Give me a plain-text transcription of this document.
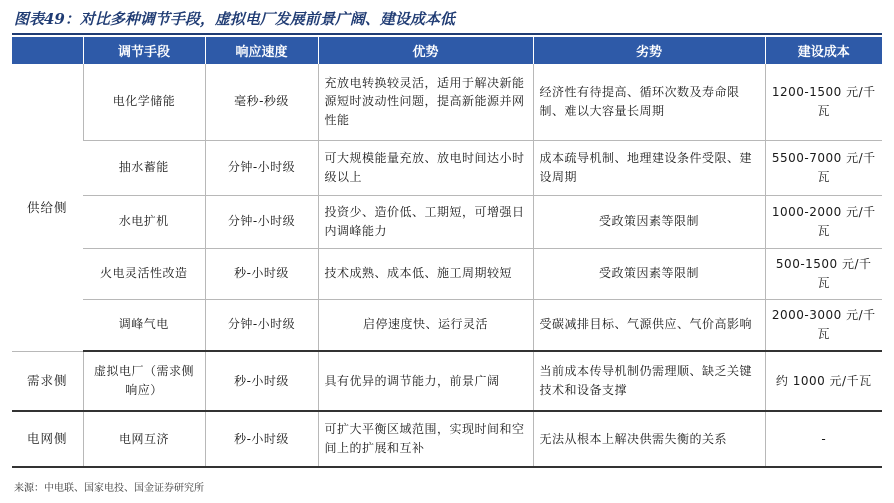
图表49：对比多种调节手段，虚拟电厂发展前景广阔、建设成本低
	调节手段	响应速度	优势	劣势	建设成本
供给侧	电化学储能	毫秒-秒级	充放电转换较灵活，适用于解决新能源短时波动性问题，提高新能源并网性能	经济性有待提高、循环次数及寿命限制、难以大容量长周期	1200-1500 元/千瓦
	抽水蓄能	分钟-小时级	可大规模能量充放、放电时间达小时级以上	成本疏导机制、地理建设条件受限、建设周期	5500-7000 元/千瓦
	水电扩机	分钟-小时级	投资少、造价低、工期短，可增强日内调峰能力	受政策因素等限制	1000-2000 元/千瓦
	火电灵活性改造	秒-小时级	技术成熟、成本低、施工周期较短	受政策因素等限制	500-1500 元/千瓦
	调峰气电	分钟-小时级	启停速度快、运行灵活	受碳减排目标、气源供应、气价高影响	2000-3000 元/千瓦
需求侧	虚拟电厂（需求侧响应）	秒-小时级	具有优异的调节能力，前景广阔	当前成本传导机制仍需理顺、缺乏关键技术和设备支撑	约 1000 元/千瓦
电网侧	电网互济	秒-小时级	可扩大平衡区域范围，实现时间和空间上的扩展和互补	无法从根本上解决供需失衡的关系	-
来源：中电联、国家电投、国金证券研究所
